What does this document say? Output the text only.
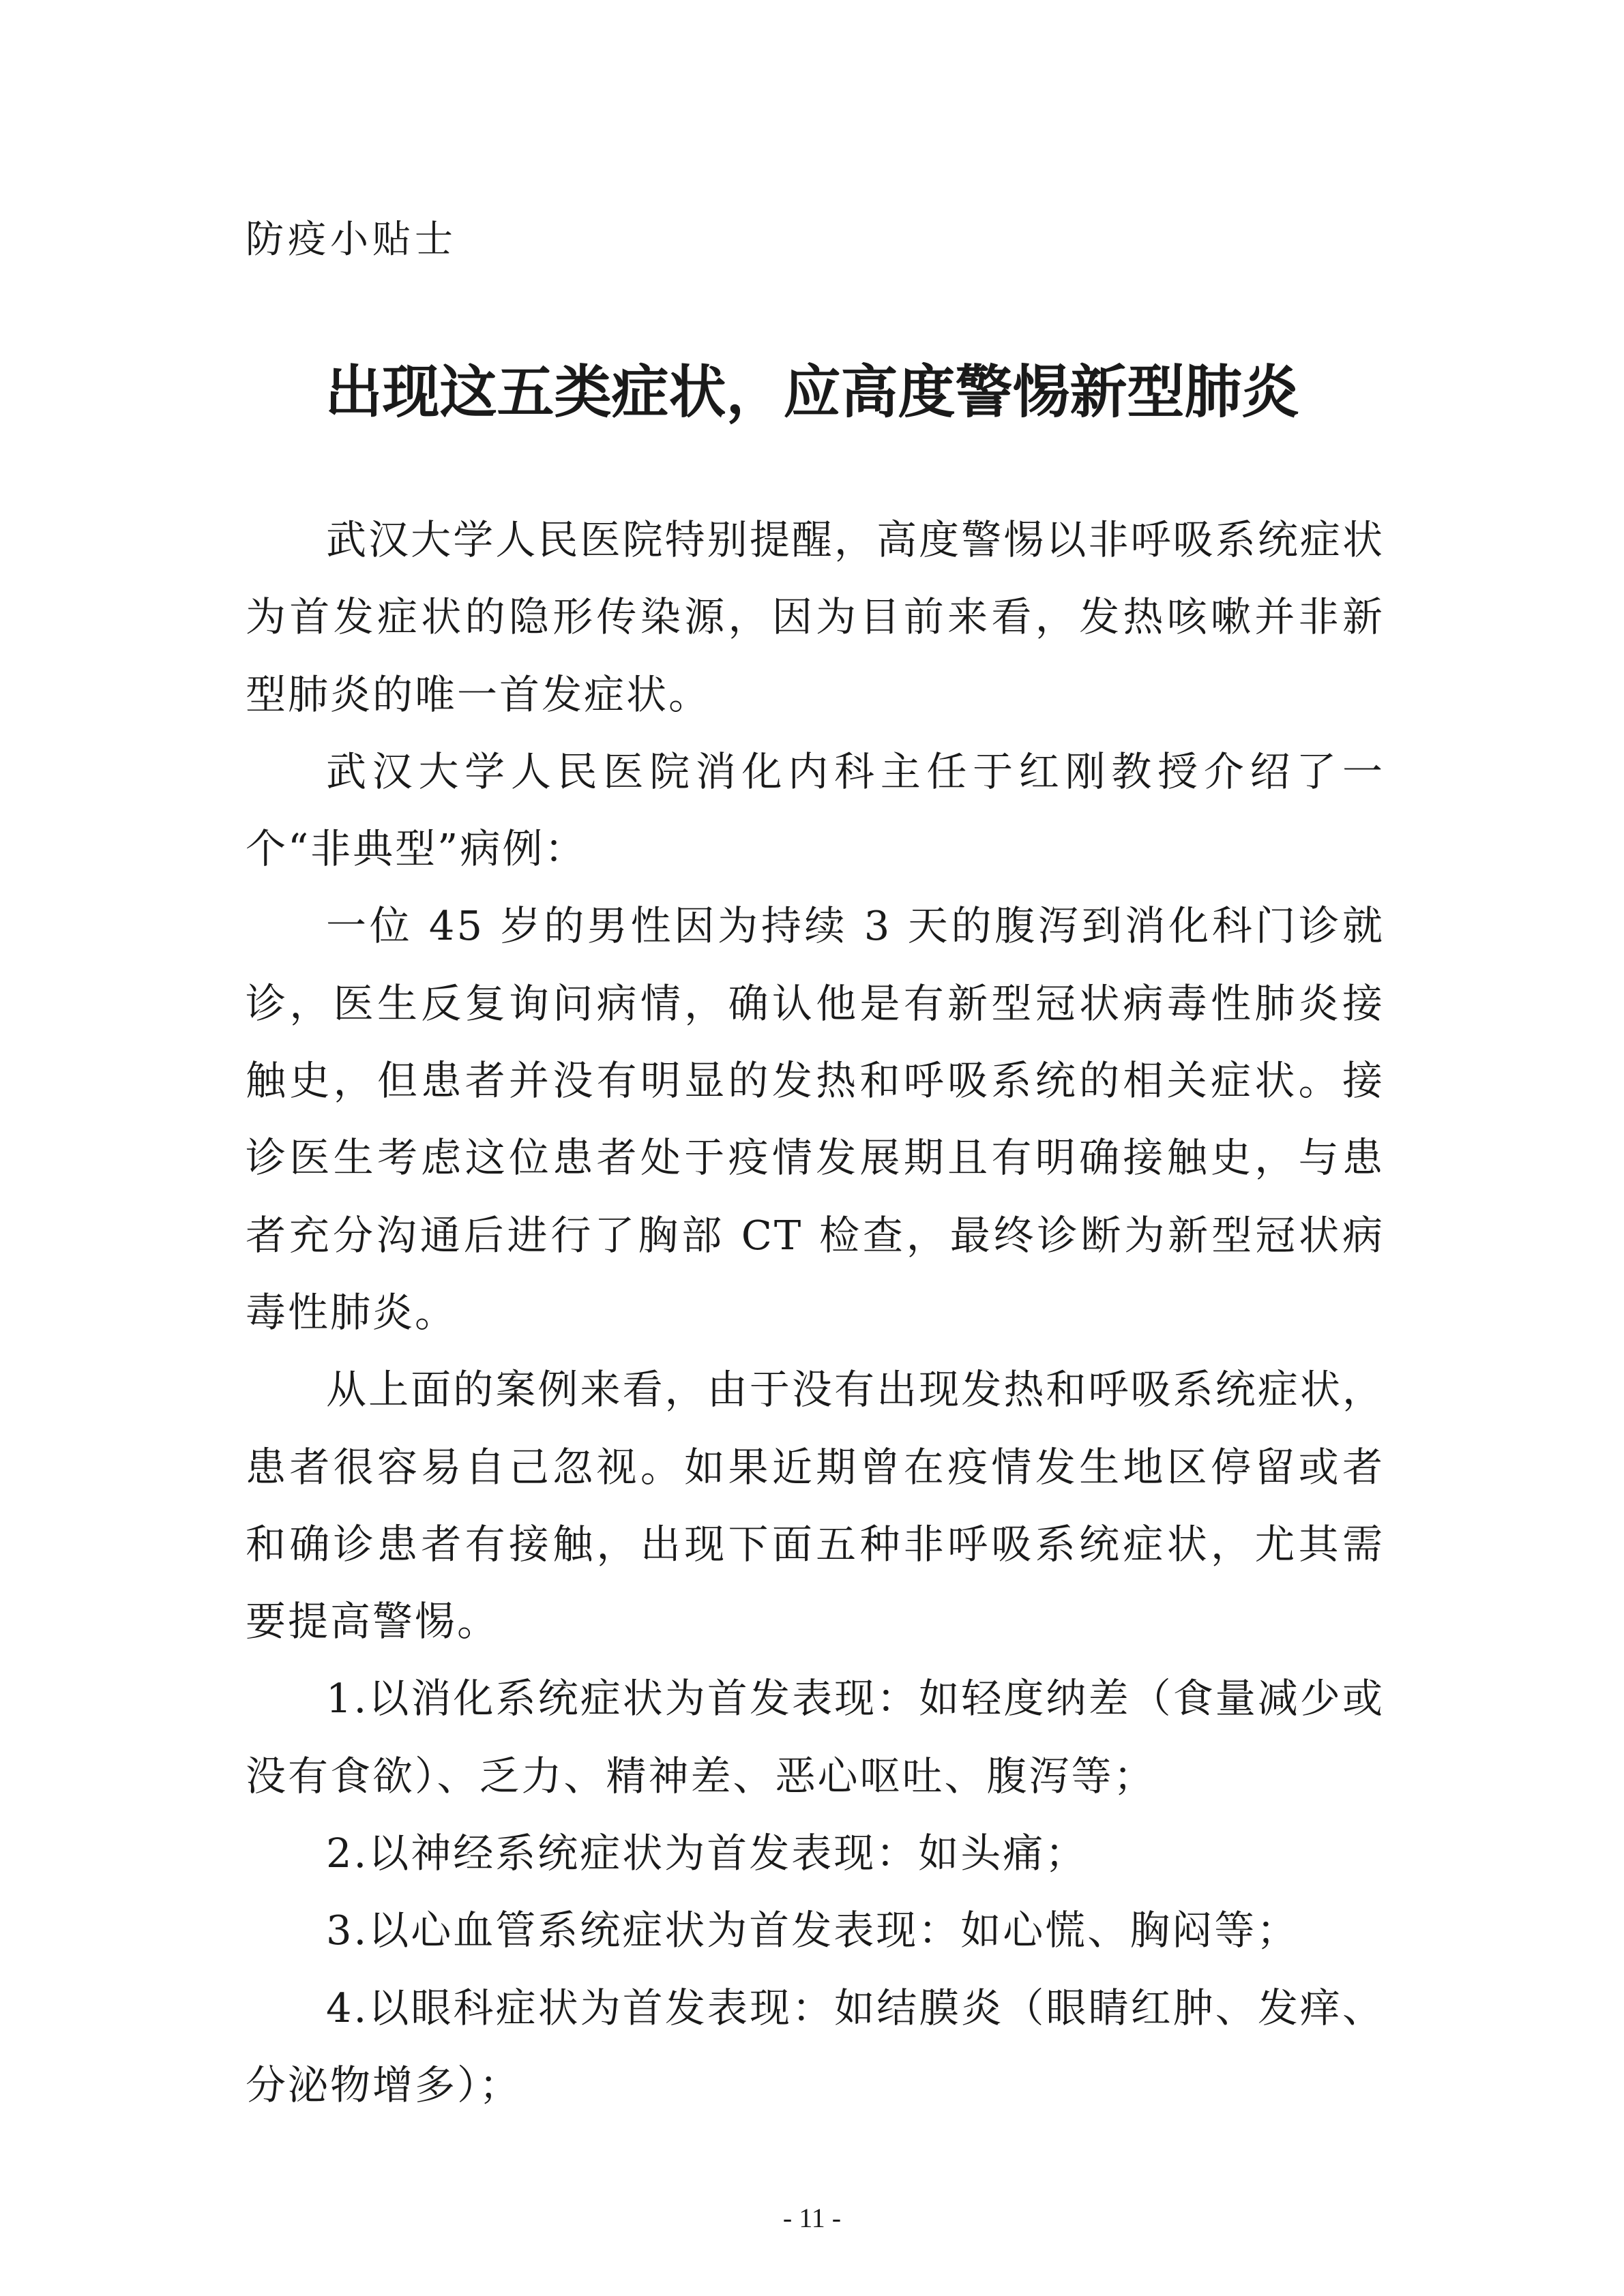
防疫小贴士
出现这五类症状，应高度警惕新型肺炎

武汉大学人民医院特别提醒，高度警惕以非呼吸系统症状为首发症状的隐形传染源，因为目前来看，发热咳嗽并非新型肺炎的唯一首发症状。

武汉大学人民医院消化内科主任于红刚教授介绍了一个“非典型”病例：

一位 45 岁的男性因为持续 3 天的腹泻到消化科门诊就诊，医生反复询问病情，确认他是有新型冠状病毒性肺炎接触史，但患者并没有明显的发热和呼吸系统的相关症状。接诊医生考虑这位患者处于疫情发展期且有明确接触史，与患者充分沟通后进行了胸部 CT 检查，最终诊断为新型冠状病毒性肺炎。

从上面的案例来看，由于没有出现发热和呼吸系统症状，患者很容易自己忽视。如果近期曾在疫情发生地区停留或者和确诊患者有接触，出现下面五种非呼吸系统症状，尤其需要提高警惕。

1.以消化系统症状为首发表现：如轻度纳差（食量减少或没有食欲）、乏力、精神差、恶心呕吐、腹泻等；

2.以神经系统症状为首发表现：如头痛；

3.以心血管系统症状为首发表现：如心慌、胸闷等；

4.以眼科症状为首发表现：如结膜炎（眼睛红肿、发痒、分泌物增多）；

- 11 -
